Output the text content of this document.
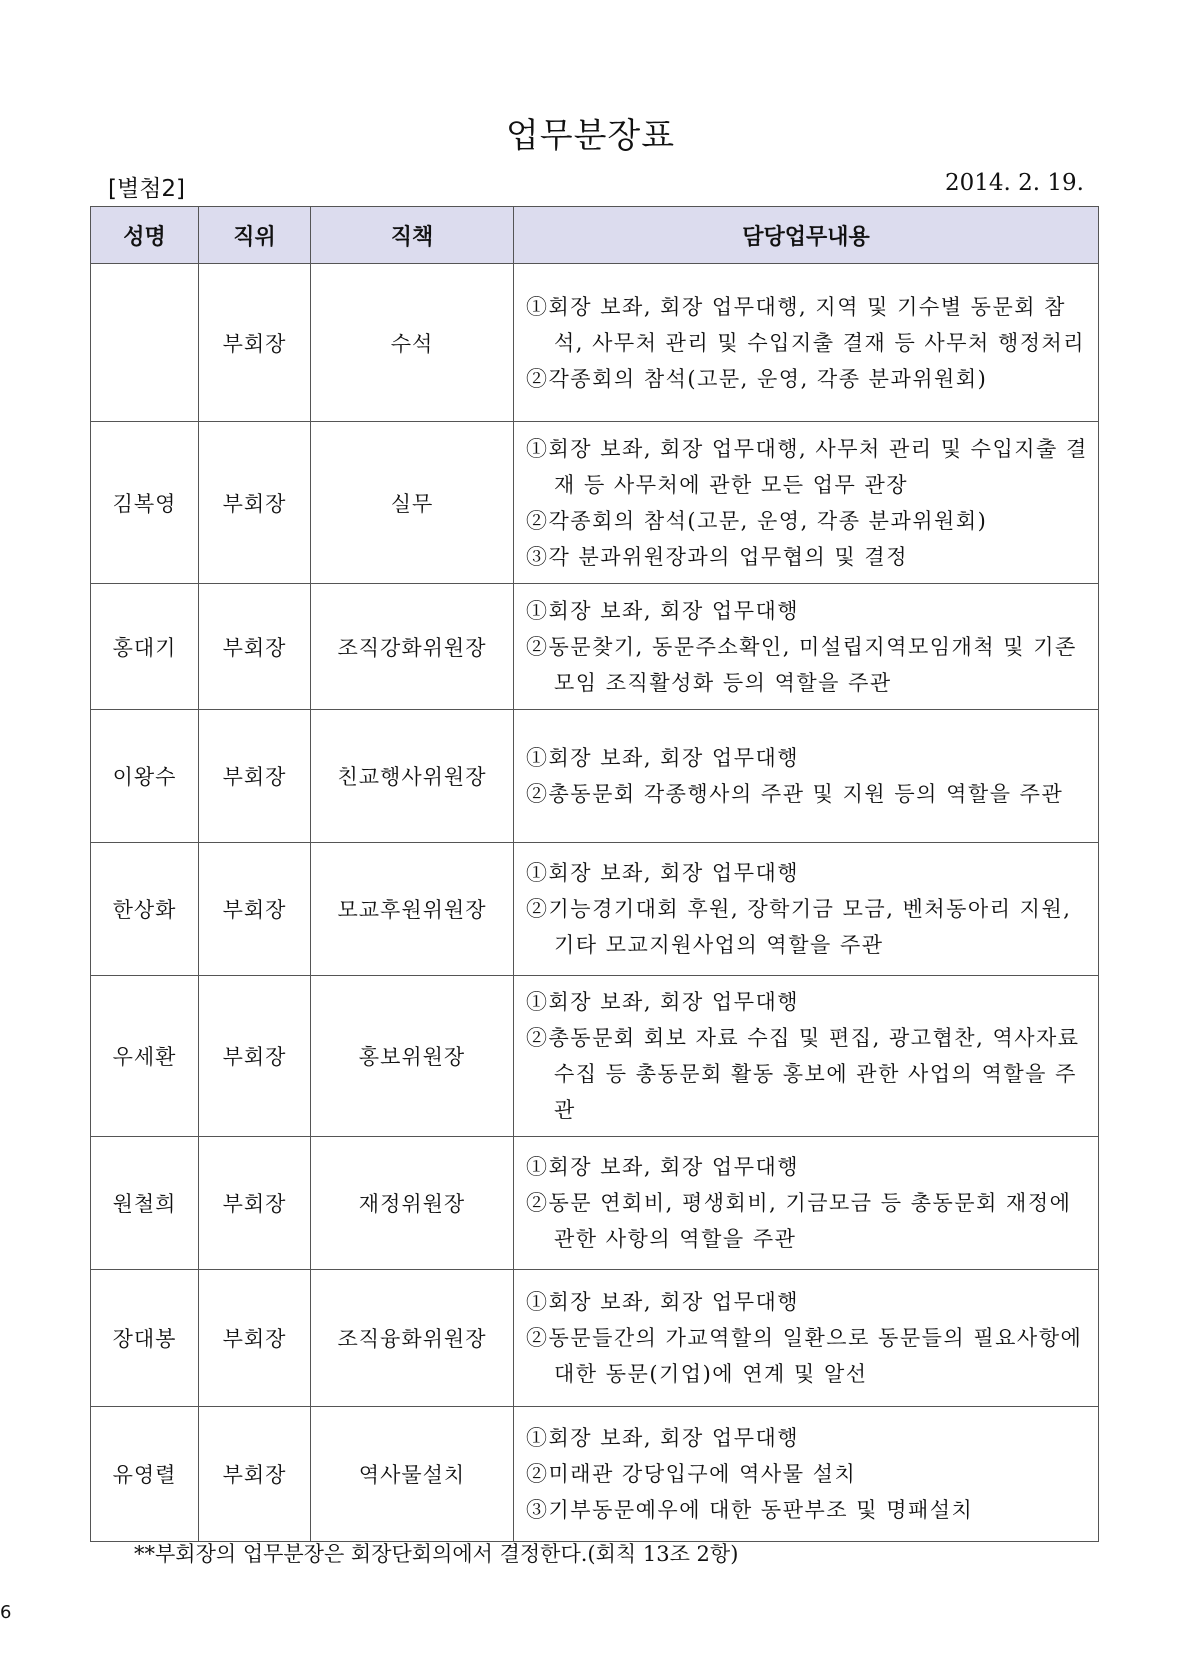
업무분장표
[별첨2]	2014. 2. 19.
성명	직위	직책	담당업무내용
	부회장	수석	①회장 보좌, 회장 업무대행, 지역 및 기수별 동문회 참석, 사무처 관리 및 수입지출 결재 등 사무처 행정처리
②각종회의 참석(고문, 운영, 각종 분과위원회)

김복영	부회장	실무	①회장 보좌, 회장 업무대행, 사무처 관리 및 수입지출 결재 등 사무처에 관한 모든 업무 관장
②각종회의 참석(고문, 운영, 각종 분과위원회)
③각 분과위원장과의 업무협의 및 결정

홍대기	부회장	조직강화위원장	①회장 보좌, 회장 업무대행
②동문찾기, 동문주소확인, 미설립지역모임개척 및 기존모임 조직활성화 등의 역할을 주관

이왕수	부회장	친교행사위원장	①회장 보좌, 회장 업무대행
②총동문회 각종행사의 주관 및 지원 등의 역할을 주관

한상화	부회장	모교후원위원장	①회장 보좌, 회장 업무대행
②기능경기대회 후원, 장학기금 모금, 벤처동아리 지원, 기타 모교지원사업의 역할을 주관

우세환	부회장	홍보위원장	①회장 보좌, 회장 업무대행
②총동문회 회보 자료 수집 및 편집, 광고협찬, 역사자료 수집 등 총동문회 활동 홍보에 관한 사업의 역할을 주관

원철희	부회장	재정위원장	①회장 보좌, 회장 업무대행
②동문 연회비, 평생회비, 기금모금 등 총동문회 재정에 관한 사항의 역할을 주관

장대봉	부회장	조직융화위원장	①회장 보좌, 회장 업무대행
②동문들간의 가교역할의 일환으로 동문들의 필요사항에 대한 동문(기업)에 연계 및 알선

유영렬	부회장	역사물설치	①회장 보좌, 회장 업무대행
②미래관 강당입구에 역사물 설치
③기부동문예우에 대한 동판부조 및 명패설치
**부회장의 업무분장은 회장단회의에서 결정한다.(회칙 13조 2항)
6
